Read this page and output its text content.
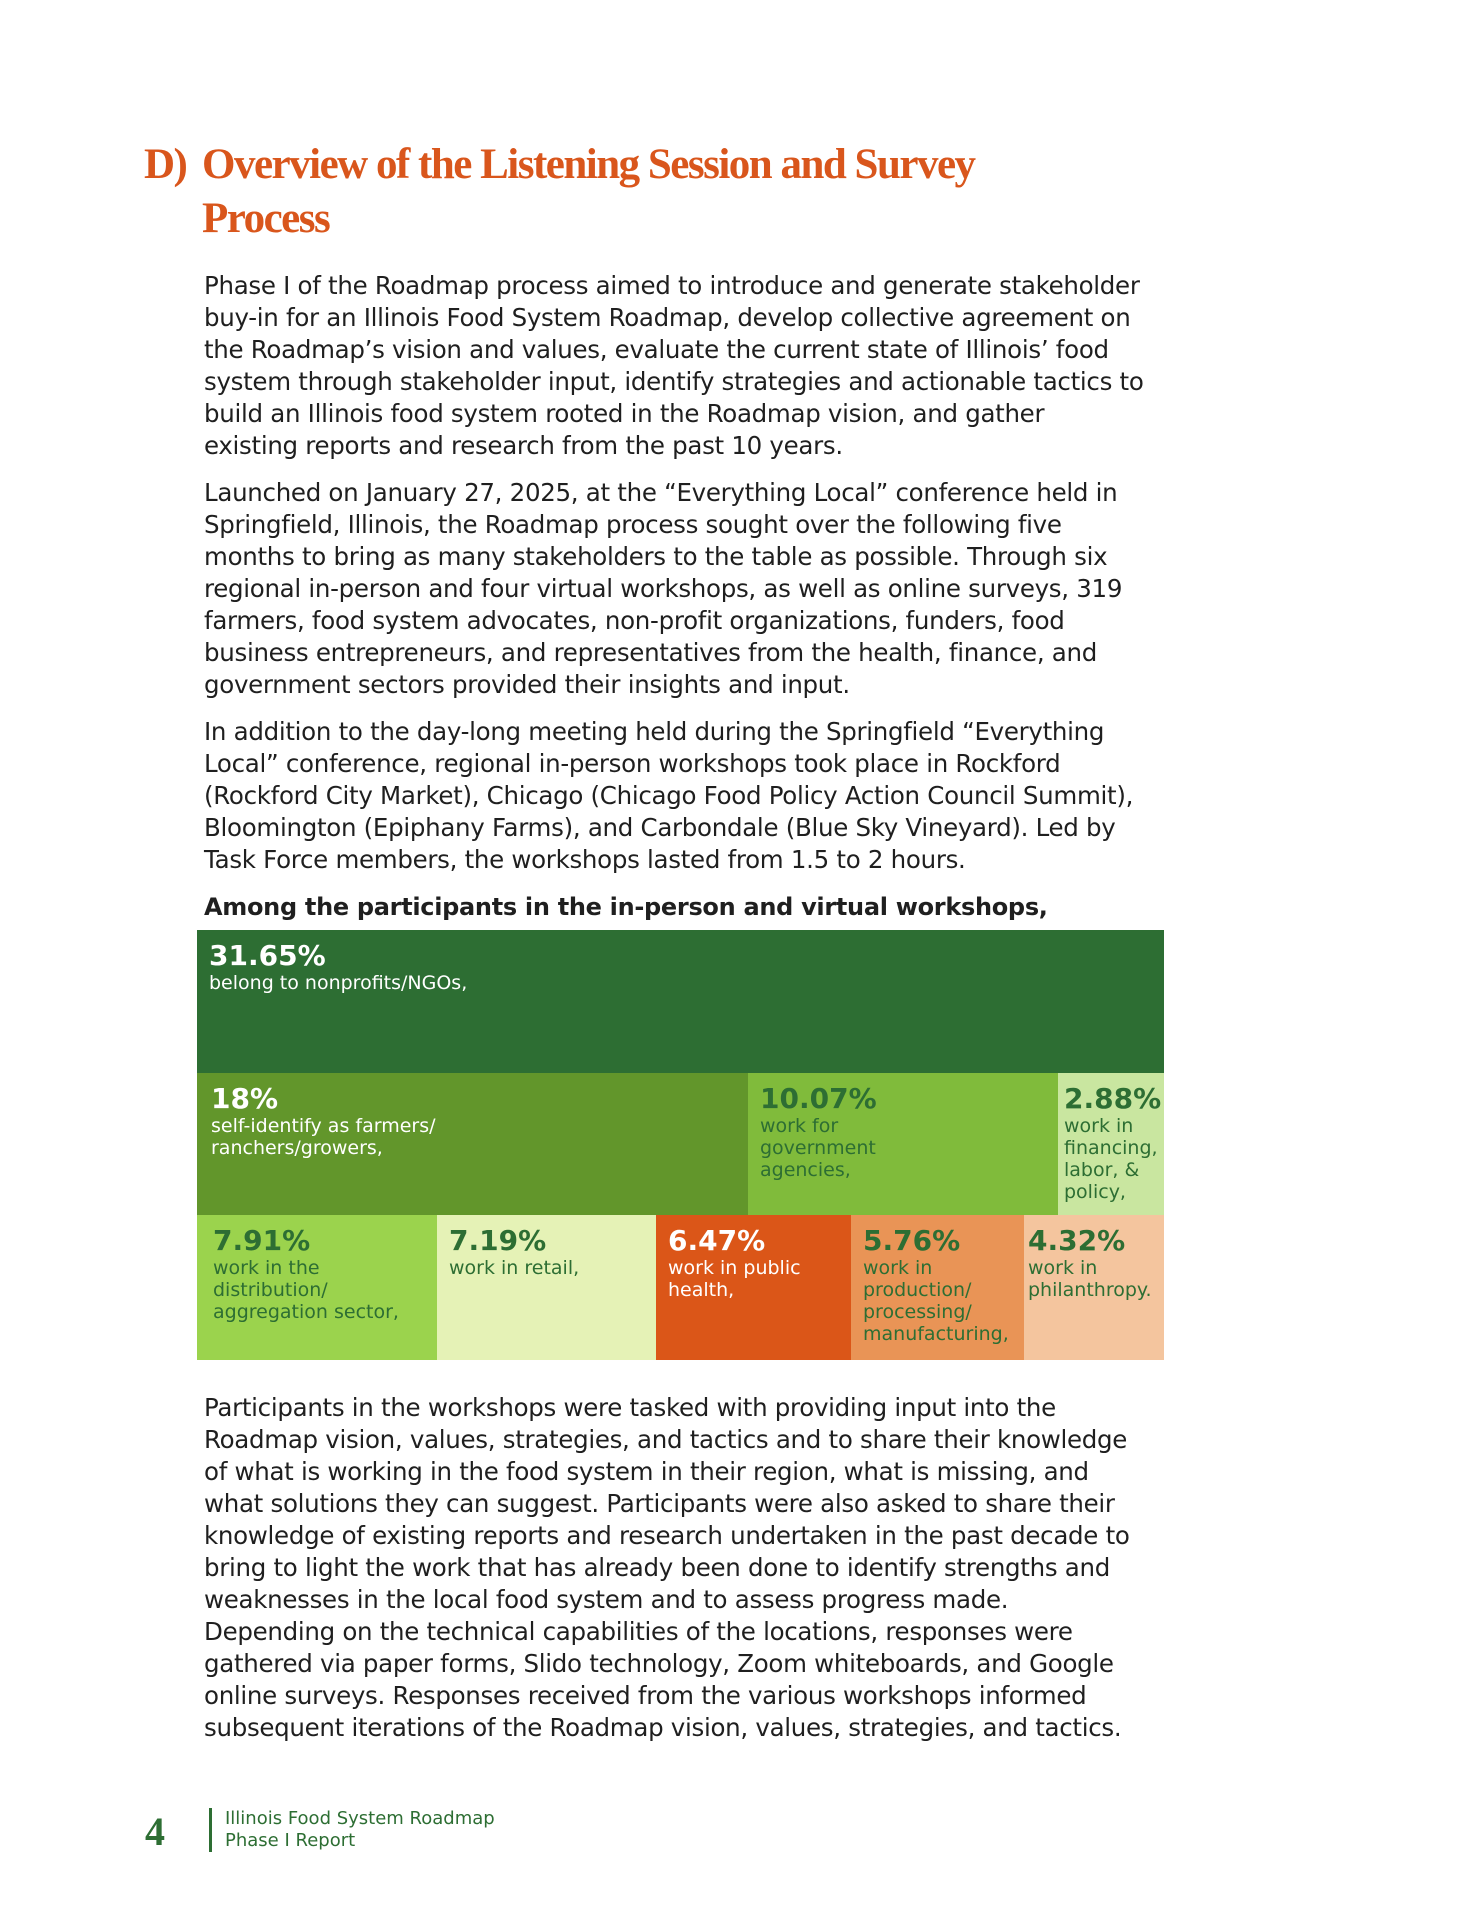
D) Overview of the Listening Session and Survey Process

Phase I of the Roadmap process aimed to introduce and generate stakeholder buy-in for an Illinois Food System Roadmap, develop collective agreement on the Roadmap’s vision and values, evaluate the current state of Illinois’ food system through stakeholder input, identify strategies and actionable tactics to build an Illinois food system rooted in the Roadmap vision, and gather existing reports and research from the past 10 years.

Launched on January 27, 2025, at the “Everything Local” conference held in Springfield, Illinois, the Roadmap process sought over the following five months to bring as many stakeholders to the table as possible. Through six regional in-person and four virtual workshops, as well as online surveys, 319 farmers, food system advocates, non-profit organizations, funders, food business entrepreneurs, and representatives from the health, finance, and government sectors provided their insights and input.

In addition to the day-long meeting held during the Springfield “Everything Local” conference, regional in-person workshops took place in Rockford (Rockford City Market), Chicago (Chicago Food Policy Action Council Summit), Bloomington (Epiphany Farms), and Carbondale (Blue Sky Vineyard). Led by Task Force members, the workshops lasted from 1.5 to 2 hours.

Among the participants in the in-person and virtual workshops,
31.65%
belong to nonprofits/NGOs,
18%
self-identify as farmers/ ranchers/growers,
10.07%
work for government agencies,
2.88%
work in financing, labor, & policy,
7.91%
work in the distribution/ aggregation sector,
7.19%
work in retail,
6.47%
work in public health,
5.76%
work in production/ processing/ manufacturing,
4.32%
work in philanthropy.

Participants in the workshops were tasked with providing input into the Roadmap vision, values, strategies, and tactics and to share their knowledge of what is working in the food system in their region, what is missing, and what solutions they can suggest. Participants were also asked to share their knowledge of existing reports and research undertaken in the past decade to bring to light the work that has already been done to identify strengths and weaknesses in the local food system and to assess progress made. Depending on the technical capabilities of the locations, responses were gathered via paper forms, Slido technology, Zoom whiteboards, and Google online surveys. Responses received from the various workshops informed subsequent iterations of the Roadmap vision, values, strategies, and tactics.

4	Illinois Food System Roadmap
Phase I Report
